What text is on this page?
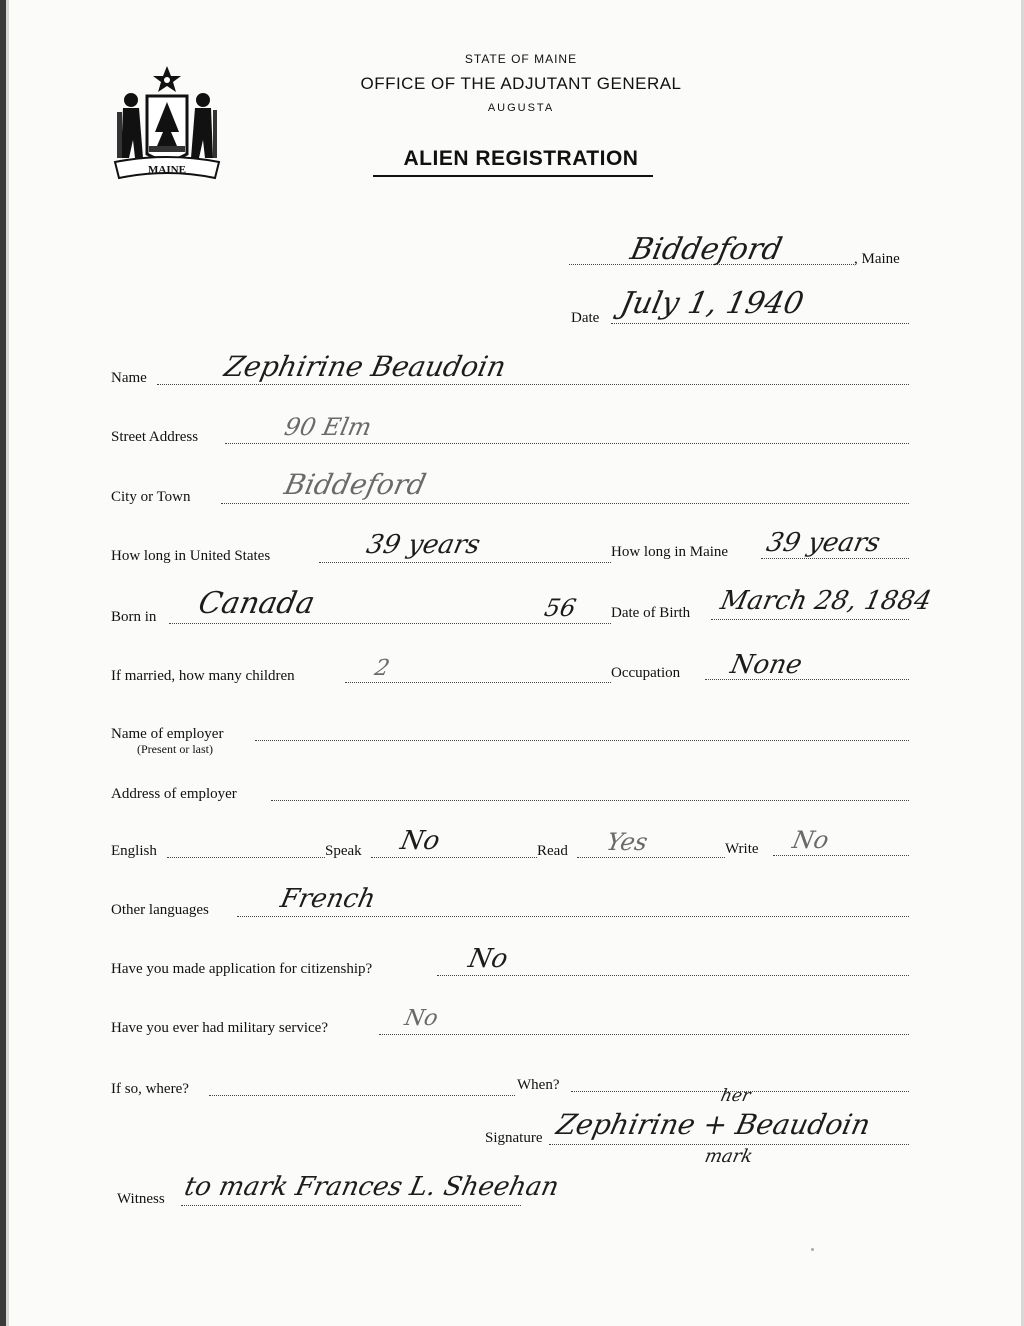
MAINE
STATE OF MAINE
OFFICE OF THE ADJUTANT GENERAL
AUGUSTA
ALIEN REGISTRATION
Biddeford	, Maine
Date July 1, 1940
Name	Zephirine Beaudoin
Street Address	90 Elm
City or Town	Biddeford
How long in United States	39 years	How long in Maine 39 years
Born in Canada	56 Date of Birth March 28, 1884
If married, how many children	2	Occupation None
Name of employer
(Present or last)
Address of employer
English	Speak No	Read Yes	Write No
Other languages	French
Have you made application for citizenship?	No
Have you ever had military service?	No
If so, where?	When?
her
Signature Zephirine + Beaudoin
mark
Witness to mark Frances L. Sheehan
